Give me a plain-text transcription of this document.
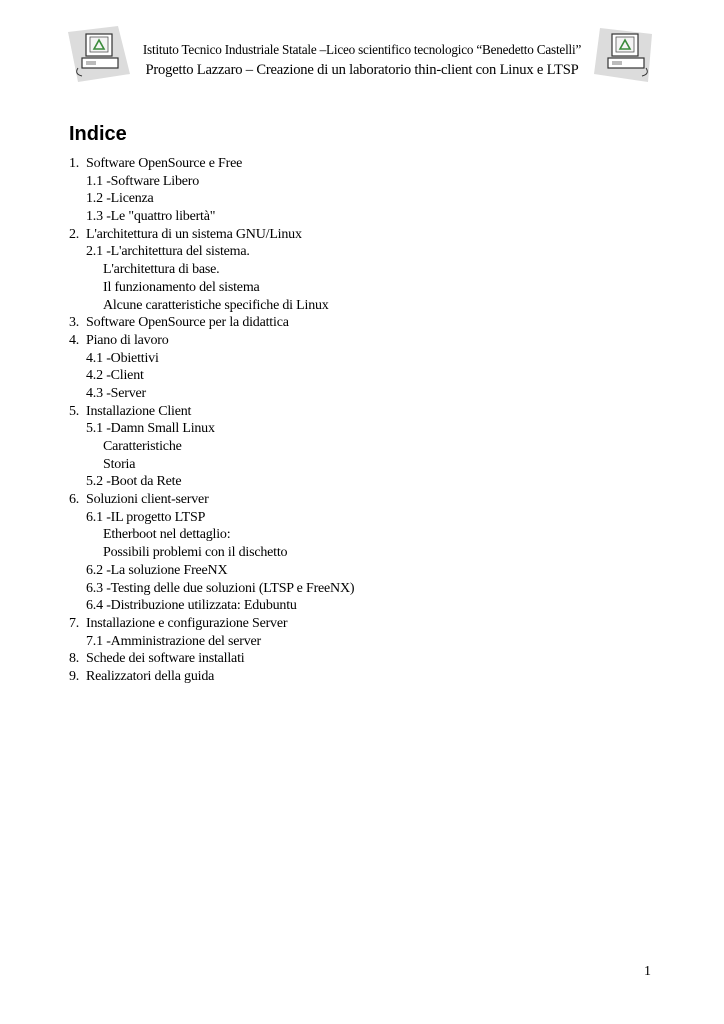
Istituto Tecnico Industriale Statale –Liceo scientifico tecnologico “Benedetto Castelli”
Progetto Lazzaro – Creazione di un laboratorio thin-client con Linux e LTSP
Indice
1. Software OpenSource e Free
1.1 -Software Libero
1.2 -Licenza
1.3 -Le "quattro libertà"
2. L'architettura di un sistema GNU/Linux
2.1 -L'architettura del sistema.
L'architettura di base.
Il funzionamento del sistema
Alcune caratteristiche specifiche di Linux
3. Software OpenSource per la didattica
4. Piano di lavoro
4.1 -Obiettivi
4.2 -Client
4.3 -Server
5. Installazione Client
5.1 -Damn Small Linux
Caratteristiche
Storia
5.2 -Boot da Rete
6. Soluzioni client-server
6.1 -IL progetto LTSP
Etherboot nel dettaglio:
Possibili problemi con il dischetto
6.2 -La soluzione FreeNX
6.3 -Testing delle due soluzioni (LTSP e FreeNX)
6.4 -Distribuzione utilizzata: Edubuntu
7. Installazione e configurazione Server
7.1 -Amministrazione del server
8. Schede dei software installati
9. Realizzatori della guida
1
